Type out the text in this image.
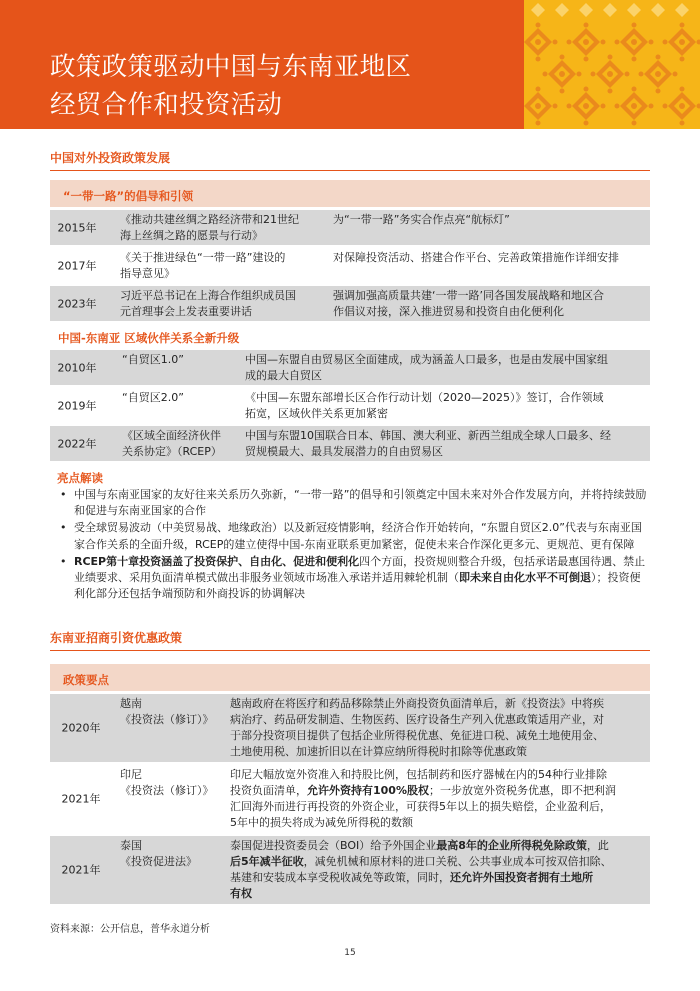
政策政策驱动中国与东南亚地区
经贸合作和投资活动
中国对外投资政策发展
“一带一路”的倡导和引领
2015年
《推动共建丝绸之路经济带和21世纪
海上丝绸之路的愿景与行动》
为“一带一路”务实合作点亮“航标灯”
2017年
《关于推进绿色“一带一路”建设的
指导意见》
对保障投资活动、搭建合作平台、完善政策措施作详细安排
2023年
习近平总书记在上海合作组织成员国
元首理事会上发表重要讲话
强调加强高质量共建‘一带一路’同各国发展战略和地区合
作倡议对接，深入推进贸易和投资自由化便利化
中国-东南亚 区域伙伴关系全新升级
2010年
“自贸区1.0”	中国—东盟自由贸易区全面建成，成为涵盖人口最多，也是由发展中国家组
成的最大自贸区
2019年
“自贸区2.0”	《中国—东盟东部增长区合作行动计划（2020—2025）》签订，合作领域
拓宽，区域伙伴关系更加紧密
2022年
《区域全面经济伙伴
关系协定》（RCEP）
中国与东盟10国联合日本、韩国、澳大利亚、新西兰组成全球人口最多、经
贸规模最大、最具发展潜力的自由贸易区
亮点解读
• 中国与东南亚国家的友好往来关系历久弥新，“一带一路”的倡导和引领奠定中国未来对外合作发展方向，并将持续鼓励和促进与东南亚国家的合作
• 受全球贸易波动（中美贸易战、地缘政治）以及新冠疫情影响，经济合作开始转向，“东盟自贸区2.0”代表与东南亚国家合作关系的全面升级，RCEP的建立使得中国-东南亚联系更加紧密，促使未来合作深化更多元、更规范、更有保障
• RCEP第十章投资涵盖了投资保护、自由化、促进和便利化四个方面，投资规则整合升级，包括承诺最惠国待遇、禁止业绩要求、采用负面清单模式做出非服务业领域市场准入承诺并适用棘轮机制（即未来自由化水平不可倒退）；投资便利化部分还包括争端预防和外商投诉的协调解决
东南亚招商引资优惠政策
政策要点
2020年
越南
《投资法（修订）》
越南政府在将医疗和药品移除禁止外商投资负面清单后，新《投资法》中将疾
病治疗、药品研发制造、生物医药、医疗设备生产列入优惠政策适用产业，对
于部分投资项目提供了包括企业所得税优惠、免征进口税、减免土地使用金、
土地使用税、加速折旧以在计算应纳所得税时扣除等优惠政策
2021年
印尼
《投资法（修订）》
印尼大幅放宽外资准入和持股比例，包括制药和医疗器械在内的54种行业排除
投资负面清单，允许外资持有100%股权；一步放宽外资税务优惠，即不把利润
汇回海外而进行再投资的外资企业，可获得5年以上的损失赔偿，企业盈利后，
5年中的损失将成为减免所得税的数额
2021年
泰国
《投资促进法》
泰国促进投资委员会（BOI）给予外国企业最高8年的企业所得税免除政策，此
后5年减半征收，减免机械和原材料的进口关税、公共事业成本可按双倍扣除、
基建和安装成本享受税收减免等政策，同时，还允许外国投资者拥有土地所
有权
资料来源：公开信息，普华永道分析
15
